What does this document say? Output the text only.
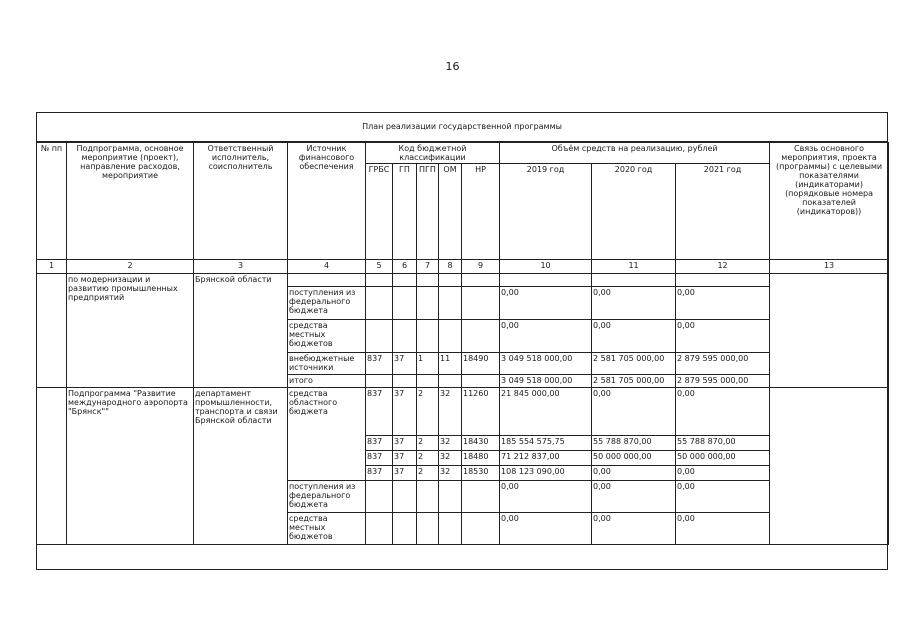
16
План реализации государственной программы
№ пп	Подпрограмма, основное мероприятие (проект), направление расходов, мероприятие	Ответственный исполнитель, соисполнитель	Источник финансового обеспечения	Код бюджетной классификации					Объём средств на реализацию, рублей			Связь основного мероприятия, проекта (программы) с целевыми показателями (индикаторами) (порядковые номера показателей (индикаторов))
				ГРБС	ГП	ПГП	ОМ	НР	2019 год	2020 год	2021 год	
1	2	3	4	5	6	7	8	9	10	11	12	13
	по модернизации и развитию промышленных предприятий	Брянской области										
			поступления из федерального бюджета						0,00	0,00	0,00	
			средства местных бюджетов						0,00	0,00	0,00	
			внебюджетные источники	837	37	1	11	18490	3 049 518 000,00	2 581 705 000,00	2 879 595 000,00	
			итого						3 049 518 000,00	2 581 705 000,00	2 879 595 000,00	
	Подпрограмма "Развитие международного аэропорта "Брянск""	департамент промышленности, транспорта и связи Брянской области	средства областного бюджета	837	37	2	32	11260	21 845 000,00	0,00	0,00	
				837	37	2	32	18430	185 554 575,75	55 788 870,00	55 788 870,00	
				837	37	2	32	18480	71 212 837,00	50 000 000,00	50 000 000,00	
				837	37	2	32	18530	108 123 090,00	0,00	0,00	
			поступления из федерального бюджета						0,00	0,00	0,00	
			средства местных бюджетов						0,00	0,00	0,00	
